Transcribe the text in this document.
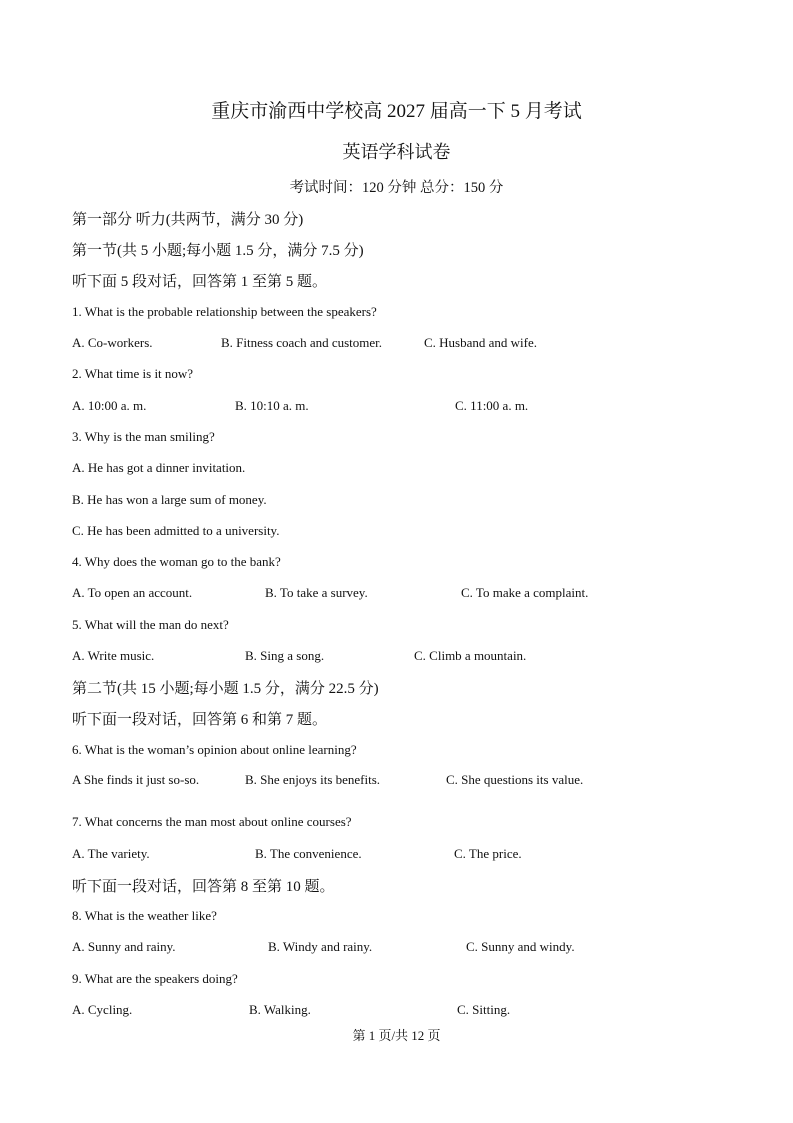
重庆市渝西中学校高 2027 届高一下 5 月考试
英语学科试卷
考试时间：120 分钟 总分：150 分
第一部分 听力(共两节，满分 30 分)
第一节(共 5 小题;每小题 1.5 分，满分 7.5 分)
听下面 5 段对话，回答第 1 至第 5 题。
1. What is the probable relationship between the speakers?
A. Co-workers.	B. Fitness coach and customer.	C. Husband and wife.
2. What time is it now?
A. 10:00 a. m.	B. 10:10 a. m.	C. 11:00 a. m.
3. Why is the man smiling?
A. He has got a dinner invitation.
B. He has won a large sum of money.
C. He has been admitted to a university.
4. Why does the woman go to the bank?
A. To open an account.	B. To take a survey.	C. To make a complaint.
5. What will the man do next?
A. Write music.	B. Sing a song.	C. Climb a mountain.
第二节(共 15 小题;每小题 1.5 分，满分 22.5 分)
听下面一段对话，回答第 6 和第 7 题。
6. What is the woman’s opinion about online learning?
A She finds it just so-so.	B. She enjoys its benefits.	C. She questions its value.
7. What concerns the man most about online courses?
A. The variety.	B. The convenience.	C. The price.
听下面一段对话，回答第 8 至第 10 题。
8. What is the weather like?
A. Sunny and rainy.	B. Windy and rainy.	C. Sunny and windy.
9. What are the speakers doing?
A. Cycling.	B. Walking.	C. Sitting.
第 1 页/共 12 页
